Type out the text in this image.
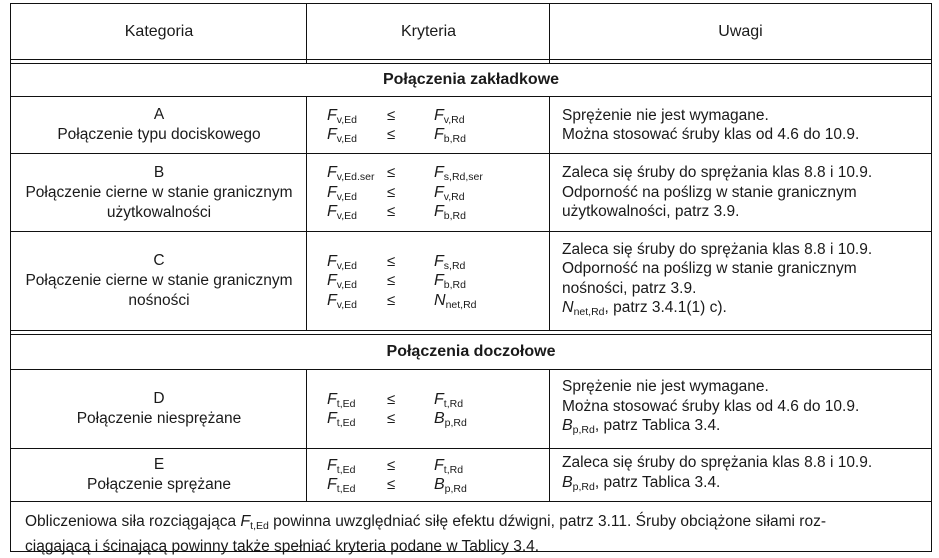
Kategoria	Kryteria	Uwagi
Połączenia zakładkowe
A
Połączenie typu dociskowego
$F_{v,Ed} \le F_{v,Rd}$
$F_{v,Ed} \le F_{b,Rd}$
Sprężenie nie jest wymagane.
Można stosować śruby klas od 4.6 do 10.9.
B
Połączenie cierne w stanie granicznym
użytkowalności
$F_{v,Ed.ser} \le F_{s,Rd,ser}$
$F_{v,Ed} \le F_{v,Rd}$
$F_{v,Ed} \le F_{b,Rd}$
Zaleca się śruby do sprężania klas 8.8 i 10.9.
Odporność na poślizg w stanie granicznym
użytkowalności, patrz 3.9.
C
Połączenie cierne w stanie granicznym
nośności
$F_{v,Ed} \le F_{s,Rd}$
$F_{v,Ed} \le F_{b,Rd}$
$F_{v,Ed} \le N_{net,Rd}$
Zaleca się śruby do sprężania klas 8.8 i 10.9.
Odporność na poślizg w stanie granicznym
nośności, patrz 3.9.
$N_{net,Rd}$, patrz 3.4.1(1) c).
Połączenia doczołowe
D
Połączenie niesprężane
$F_{t,Ed} \le F_{t,Rd}$
$F_{t,Ed} \le B_{p,Rd}$
Sprężenie nie jest wymagane.
Można stosować śruby klas od 4.6 do 10.9.
$B_{p,Rd}$, patrz Tablica 3.4.
E
Połączenie sprężane
$F_{t,Ed} \le F_{t,Rd}$
$F_{t,Ed} \le B_{p,Rd}$
Zaleca się śruby do sprężania klas 8.8 i 10.9.
$B_{p,Rd}$, patrz Tablica 3.4.
Obliczeniowa siła rozciągająca $F_{t,Ed}$ powinna uwzględniać siłę efektu dźwigni, patrz 3.11. Śruby obciążone siłami roz-
ciągającą i ścinającą powinny także spełniać kryteria podane w Tablicy 3.4.
